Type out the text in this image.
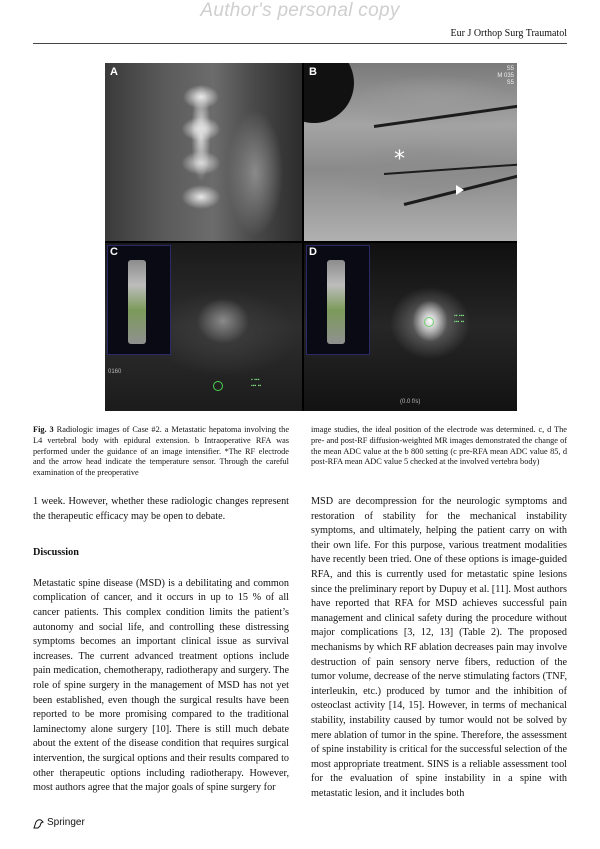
Author's personal copy
Eur J Orthop Surg Traumatol
A	B
*
S5
M 035
S5
▪ ▪▪▪
▪▪▪ ▪▪
C
0160
▪▪ ▪▪▪
▪▪▪ ▪▪
D
(0.0 f/s)
Fig. 3 Radiologic images of Case #2. a Metastatic hepatoma involving the L4 vertebral body with epidural extension. b Intraoperative RFA was performed under the guidance of an image intensifier. *The RF electrode and the arrow head indicate the temperature sensor. Through the careful examination of the preoperative
image studies, the ideal position of the electrode was determined. c, d The pre- and post-RF diffusion-weighted MR images demonstrated the change of the mean ADC value at the b 800 setting (c pre-RFA mean ADC value 85, d post-RFA mean ADC value 5 checked at the involved vertebra body)

1 week. However, whether these radiologic changes represent the therapeutic efficacy may be open to debate.

Discussion

Metastatic spine disease (MSD) is a debilitating and common complication of cancer, and it occurs in up to 15 % of all cancer patients. This complex condition limits the patient’s autonomy and social life, and controlling these distressing symptoms becomes an important clinical issue as survival increases. The current advanced treatment options include pain medication, chemotherapy, radiotherapy and surgery. The role of spine surgery in the management of MSD has not yet been established, even though the surgical results have been reported to be more promising compared to the traditional laminectomy alone surgery [10]. There is still much debate about the extent of the disease condition that requires surgical intervention, the surgical options and their results compared to other therapeutic options including radiotherapy. However, most authors agree that the major goals of spine surgery for

MSD are decompression for the neurologic symptoms and restoration of stability for the mechanical instability symptoms, and ultimately, helping the patient carry on with their own life. For this purpose, various treatment modalities have recently been tried. One of these options is image-guided RFA, and this is currently used for metastatic spine lesions since the preliminary report by Dupuy et al. [11]. Most authors have reported that RFA for MSD achieves successful pain management and clinical safety during the procedure without major complications [3, 12, 13] (Table 2). The proposed mechanisms by which RF ablation decreases pain may involve destruction of pain sensory nerve fibers, reduction of the tumor volume, decrease of the nerve stimulating factors (TNF, interleukin, etc.) produced by tumor and the inhibition of osteoclast activity [14, 15]. However, in terms of mechanical stability, instability caused by tumor would not be solved by mere ablation of tumor in the spine. Therefore, the assessment of spine instability is critical for the successful selection of the most appropriate treatment. SINS is a reliable assessment tool for the evaluation of spine instability in a spine with metastatic lesion, and it includes both

Springer
